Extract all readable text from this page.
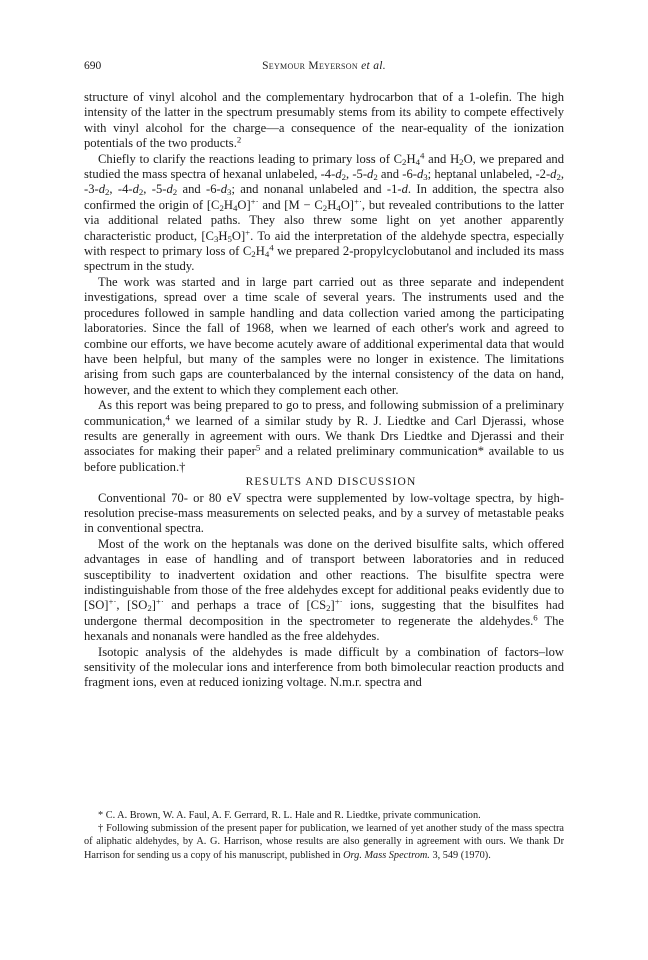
690	Seymour Meyerson et al.

structure of vinyl alcohol and the complementary hydrocarbon that of a 1-olefin. The high intensity of the latter in the spectrum presumably stems from its ability to compete effectively with vinyl alcohol for the charge—a consequence of the near-equality of the ionization potentials of the two products.$^2$

Chiefly to clarify the reactions leading to primary loss of $C_2H_4^4$ and $H_2O$, we prepared and studied the mass spectra of hexanal unlabeled, $-4-d_2$, $-5-d_2$ and $-6-d_3$; heptanal unlabeled, $-2-d_2$, $-3-d_2$, $-4-d_2$, $-5-d_2$ and $-6-d_3$; and nonanal unlabeled and -1-d. In addition, the spectra also confirmed the origin of $[C_2H_4O]^{+\cdot}$ and $[M - C_2H_4O]^{+\cdot}$, but revealed contributions to the latter via additional related paths. They also threw some light on yet another apparently characteristic product, $[C_3H_5O]^+$. To aid the interpretation of the aldehyde spectra, especially with respect to primary loss of $C_2H_4^4$ we prepared 2-propylcyclobutanol and included its mass spectrum in the study.

The work was started and in large part carried out as three separate and independent investigations, spread over a time scale of several years. The instruments used and the procedures followed in sample handling and data collection varied among the participating laboratories. Since the fall of 1968, when we learned of each other's work and agreed to combine our efforts, we have become acutely aware of additional experimental data that would have been helpful, but many of the samples were no longer in existence. The limitations arising from such gaps are counterbalanced by the internal consistency of the data on hand, however, and the extent to which they complement each other.

As this report was being prepared to go to press, and following submission of a preliminary communication,$^4$ we learned of a similar study by R. J. Liedtke and Carl Djerassi, whose results are generally in agreement with ours. We thank Drs Liedtke and Djerassi and their associates for making their paper$^5$ and a related preliminary communication* available to us before publication.†

RESULTS AND DISCUSSION

Conventional 70- or 80 eV spectra were supplemented by low-voltage spectra, by high-resolution precise-mass measurements on selected peaks, and by a survey of metastable peaks in conventional spectra.

Most of the work on the heptanals was done on the derived bisulfite salts, which offered advantages in ease of handling and of transport between laboratories and in reduced susceptibility to inadvertent oxidation and other reactions. The bisulfite spectra were indistinguishable from those of the free aldehydes except for additional peaks evidently due to [SO]+·, $[SO_2]^{+\cdot}$ and perhaps a trace of $[CS_2]^{+\cdot}$ ions, suggesting that the bisulfites had undergone thermal decomposition in the spectrometer to regenerate the aldehydes.$^6$ The hexanals and nonanals were handled as the free aldehydes.

Isotopic analysis of the aldehydes is made difficult by a combination of factors–low sensitivity of the molecular ions and interference from both bimolecular reaction products and fragment ions, even at reduced ionizing voltage. N.m.r. spectra and

* C. A. Brown, W. A. Faul, A. F. Gerrard, R. L. Hale and R. Liedtke, private communication.

† Following submission of the present paper for publication, we learned of yet another study of the mass spectra of aliphatic aldehydes, by A. G. Harrison, whose results are also generally in agreement with ours. We thank Dr Harrison for sending us a copy of his manuscript, published in Org. Mass Spectrom. 3, 549 (1970).
